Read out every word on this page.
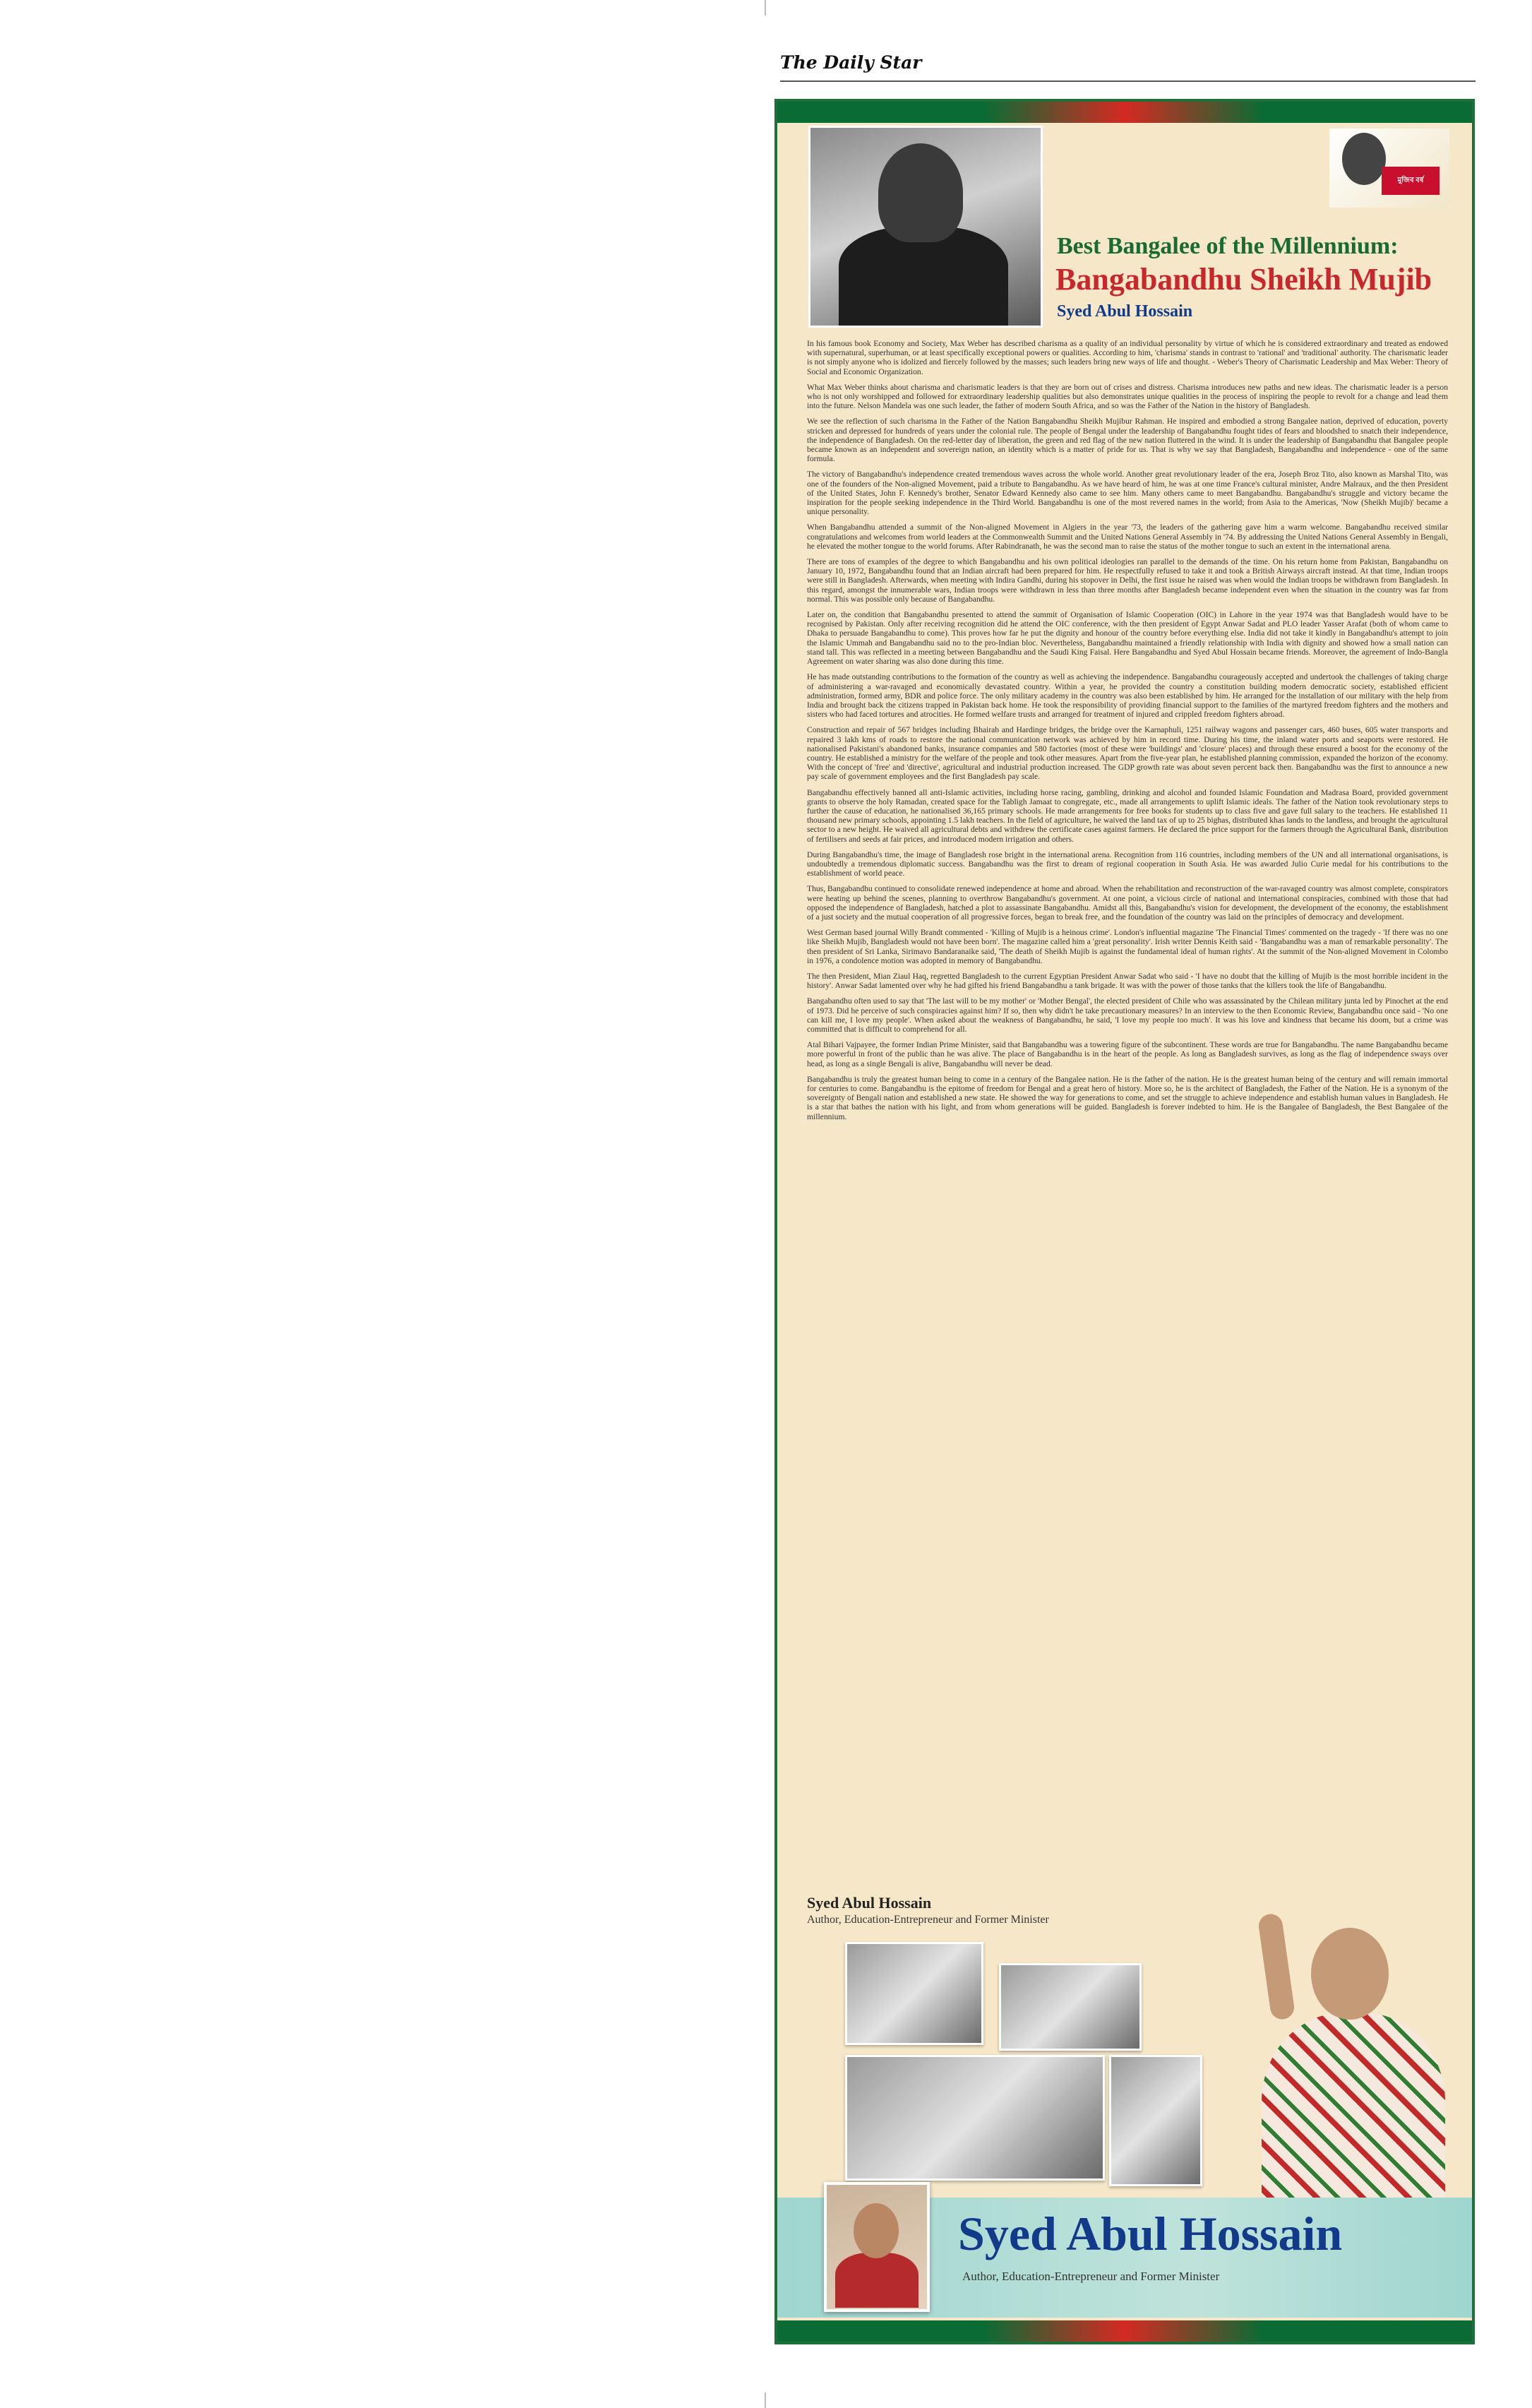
The Daily Star
মুজিব বর্ষ
Best Bangalee of the Millennium:
Bangabandhu Sheikh Mujib
Syed Abul Hossain

In his famous book Economy and Society, Max Weber has described charisma as a quality of an individual personality by virtue of which he is considered extraordinary and treated as endowed with supernatural, superhuman, or at least specifically exceptional powers or qualities. According to him, 'charisma' stands in contrast to 'rational' and 'traditional' authority. The charismatic leader is not simply anyone who is idolized and fiercely followed by the masses; such leaders bring new ways of life and thought. - Weber's Theory of Charismatic Leadership and Max Weber: Theory of Social and Economic Organization.

What Max Weber thinks about charisma and charismatic leaders is that they are born out of crises and distress. Charisma introduces new paths and new ideas. The charismatic leader is a person who is not only worshipped and followed for extraordinary leadership qualities but also demonstrates unique qualities in the process of inspiring the people to revolt for a change and lead them into the future. Nelson Mandela was one such leader, the father of modern South Africa, and so was the Father of the Nation in the history of Bangladesh.

We see the reflection of such charisma in the Father of the Nation Bangabandhu Sheikh Mujibur Rahman. He inspired and embodied a strong Bangalee nation, deprived of education, poverty stricken and depressed for hundreds of years under the colonial rule. The people of Bengal under the leadership of Bangabandhu fought tides of fears and bloodshed to snatch their independence, the independence of Bangladesh. On the red-letter day of liberation, the green and red flag of the new nation fluttered in the wind. It is under the leadership of Bangabandhu that Bangalee people became known as an independent and sovereign nation, an identity which is a matter of pride for us. That is why we say that Bangladesh, Bangabandhu and independence - one of the same formula.

The victory of Bangabandhu's independence created tremendous waves across the whole world. Another great revolutionary leader of the era, Joseph Broz Tito, also known as Marshal Tito, was one of the founders of the Non-aligned Movement, paid a tribute to Bangabandhu. As we have heard of him, he was at one time France's cultural minister, Andre Malraux, and the then President of the United States, John F. Kennedy's brother, Senator Edward Kennedy also came to see him. Many others came to meet Bangabandhu. Bangabandhu's struggle and victory became the inspiration for the people seeking independence in the Third World. Bangabandhu is one of the most revered names in the world; from Asia to the Americas, 'Now (Sheikh Mujib)' became a unique personality.

When Bangabandhu attended a summit of the Non-aligned Movement in Algiers in the year '73, the leaders of the gathering gave him a warm welcome. Bangabandhu received similar congratulations and welcomes from world leaders at the Commonwealth Summit and the United Nations General Assembly in '74. By addressing the United Nations General Assembly in Bengali, he elevated the mother tongue to the world forums. After Rabindranath, he was the second man to raise the status of the mother tongue to such an extent in the international arena.

There are tons of examples of the degree to which Bangabandhu and his own political ideologies ran parallel to the demands of the time. On his return home from Pakistan, Bangabandhu on January 10, 1972, Bangabandhu found that an Indian aircraft had been prepared for him. He respectfully refused to take it and took a British Airways aircraft instead. At that time, Indian troops were still in Bangladesh. Afterwards, when meeting with Indira Gandhi, during his stopover in Delhi, the first issue he raised was when would the Indian troops be withdrawn from Bangladesh. In this regard, amongst the innumerable wars, Indian troops were withdrawn in less than three months after Bangladesh became independent even when the situation in the country was far from normal. This was possible only because of Bangabandhu.

Later on, the condition that Bangabandhu presented to attend the summit of Organisation of Islamic Cooperation (OIC) in Lahore in the year 1974 was that Bangladesh would have to be recognised by Pakistan. Only after receiving recognition did he attend the OIC conference, with the then president of Egypt Anwar Sadat and PLO leader Yasser Arafat (both of whom came to Dhaka to persuade Bangabandhu to come). This proves how far he put the dignity and honour of the country before everything else. India did not take it kindly in Bangabandhu's attempt to join the Islamic Ummah and Bangabandhu said no to the pro-Indian bloc. Nevertheless, Bangabandhu maintained a friendly relationship with India with dignity and showed how a small nation can stand tall. This was reflected in a meeting between Bangabandhu and the Saudi King Faisal. Here Bangabandhu and Syed Abul Hossain became friends. Moreover, the agreement of Indo-Bangla Agreement on water sharing was also done during this time.

He has made outstanding contributions to the formation of the country as well as achieving the independence. Bangabandhu courageously accepted and undertook the challenges of taking charge of administering a war-ravaged and economically devastated country. Within a year, he provided the country a constitution building modern democratic society, established efficient administration, formed army, BDR and police force. The only military academy in the country was also been established by him. He arranged for the installation of our military with the help from India and brought back the citizens trapped in Pakistan back home. He took the responsibility of providing financial support to the families of the martyred freedom fighters and the mothers and sisters who had faced tortures and atrocities. He formed welfare trusts and arranged for treatment of injured and crippled freedom fighters abroad.

Construction and repair of 567 bridges including Bhairab and Hardinge bridges, the bridge over the Karnaphuli, 1251 railway wagons and passenger cars, 460 buses, 605 water transports and repaired 3 lakh kms of roads to restore the national communication network was achieved by him in record time. During his time, the inland water ports and seaports were restored. He nationalised Pakistani's abandoned banks, insurance companies and 580 factories (most of these were 'buildings' and 'closure' places) and through these ensured a boost for the economy of the country. He established a ministry for the welfare of the people and took other measures. Apart from the five-year plan, he established planning commission, expanded the horizon of the economy. With the concept of 'free' and 'directive', agricultural and industrial production increased. The GDP growth rate was about seven percent back then. Bangabandhu was the first to announce a new pay scale of government employees and the first Bangladesh pay scale.

Bangabandhu effectively banned all anti-Islamic activities, including horse racing, gambling, drinking and alcohol and founded Islamic Foundation and Madrasa Board, provided government grants to observe the holy Ramadan, created space for the Tabligh Jamaat to congregate, etc., made all arrangements to uplift Islamic ideals. The father of the Nation took revolutionary steps to further the cause of education, he nationalised 36,165 primary schools. He made arrangements for free books for students up to class five and gave full salary to the teachers. He established 11 thousand new primary schools, appointing 1.5 lakh teachers. In the field of agriculture, he waived the land tax of up to 25 bighas, distributed khas lands to the landless, and brought the agricultural sector to a new height. He waived all agricultural debts and withdrew the certificate cases against farmers. He declared the price support for the farmers through the Agricultural Bank, distribution of fertilisers and seeds at fair prices, and introduced modern irrigation and others.

During Bangabandhu's time, the image of Bangladesh rose bright in the international arena. Recognition from 116 countries, including members of the UN and all international organisations, is undoubtedly a tremendous diplomatic success. Bangabandhu was the first to dream of regional cooperation in South Asia. He was awarded Julio Curie medal for his contributions to the establishment of world peace.

Thus, Bangabandhu continued to consolidate renewed independence at home and abroad. When the rehabilitation and reconstruction of the war-ravaged country was almost complete, conspirators were heating up behind the scenes, planning to overthrow Bangabandhu's government. At one point, a vicious circle of national and international conspiracies, combined with those that had opposed the independence of Bangladesh, hatched a plot to assassinate Bangabandhu. Amidst all this, Bangabandhu's vision for development, the development of the economy, the establishment of a just society and the mutual cooperation of all progressive forces, began to break free, and the foundation of the country was laid on the principles of democracy and development.

West German based journal Willy Brandt commented - 'Killing of Mujib is a heinous crime'. London's influential magazine 'The Financial Times' commented on the tragedy - 'If there was no one like Sheikh Mujib, Bangladesh would not have been born'. The magazine called him a 'great personality'. Irish writer Dennis Keith said - 'Bangabandhu was a man of remarkable personality'. The then president of Sri Lanka, Sirimavo Bandaranaike said, 'The death of Sheikh Mujib is against the fundamental ideal of human rights'. At the summit of the Non-aligned Movement in Colombo in 1976, a condolence motion was adopted in memory of Bangabandhu.

The then President, Mian Ziaul Haq, regretted Bangladesh to the current Egyptian President Anwar Sadat who said - 'I have no doubt that the killing of Mujib is the most horrible incident in the history'. Anwar Sadat lamented over why he had gifted his friend Bangabandhu a tank brigade. It was with the power of those tanks that the killers took the life of Bangabandhu.

Bangabandhu often used to say that 'The last will to be my mother' or 'Mother Bengal', the elected president of Chile who was assassinated by the Chilean military junta led by Pinochet at the end of 1973. Did he perceive of such conspiracies against him? If so, then why didn't he take precautionary measures? In an interview to the then Economic Review, Bangabandhu once said - 'No one can kill me, I love my people'. When asked about the weakness of Bangabandhu, he said, 'I love my people too much'. It was his love and kindness that became his doom, but a crime was committed that is difficult to comprehend for all.

Atal Bihari Vajpayee, the former Indian Prime Minister, said that Bangabandhu was a towering figure of the subcontinent. These words are true for Bangabandhu. The name Bangabandhu became more powerful in front of the public than he was alive. The place of Bangabandhu is in the heart of the people. As long as Bangladesh survives, as long as the flag of independence sways over head, as long as a single Bengali is alive, Bangabandhu will never be dead.

Bangabandhu is truly the greatest human being to come in a century of the Bangalee nation. He is the father of the nation. He is the greatest human being of the century and will remain immortal for centuries to come. Bangabandhu is the epitome of freedom for Bengal and a great hero of history. More so, he is the architect of Bangladesh, the Father of the Nation. He is a synonym of the sovereignty of Bengali nation and established a new state. He showed the way for generations to come, and set the struggle to achieve independence and establish human values in Bangladesh. He is a star that bathes the nation with his light, and from whom generations will be guided. Bangladesh is forever indebted to him. He is the Bangalee of Bangladesh, the Best Bangalee of the millennium.

Syed Abul Hossain
Author, Education-Entrepreneur and Former Minister
Syed Abul Hossain
Author, Education-Entrepreneur and Former Minister
